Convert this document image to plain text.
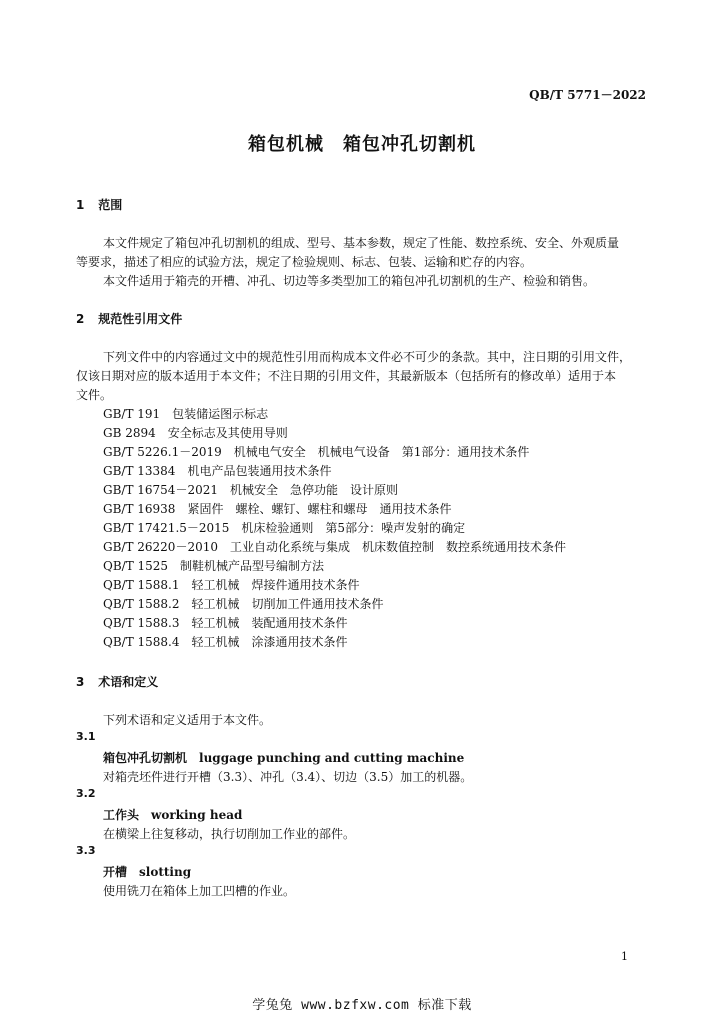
QB/T 5771－2022
箱包机械　箱包冲孔切割机
1 范围
本文件规定了箱包冲孔切割机的组成、型号、基本参数，规定了性能、数控系统、安全、外观质量
等要求，描述了相应的试验方法，规定了检验规则、标志、包装、运输和贮存的内容。
本文件适用于箱壳的开槽、冲孔、切边等多类型加工的箱包冲孔切割机的生产、检验和销售。
2 规范性引用文件
下列文件中的内容通过文中的规范性引用而构成本文件必不可少的条款。其中，注日期的引用文件，
仅该日期对应的版本适用于本文件；不注日期的引用文件，其最新版本（包括所有的修改单）适用于本
文件。
GB/T 191　包装储运图示标志
GB 2894　安全标志及其使用导则
GB/T 5226.1－2019　机械电气安全　机械电气设备　第1部分：通用技术条件
GB/T 13384　机电产品包装通用技术条件
GB/T 16754－2021　机械安全　急停功能　设计原则
GB/T 16938　紧固件　螺栓、螺钉、螺柱和螺母　通用技术条件
GB/T 17421.5－2015　机床检验通则　第5部分：噪声发射的确定
GB/T 26220－2010　工业自动化系统与集成　机床数值控制　数控系统通用技术条件
QB/T 1525　制鞋机械产品型号编制方法
QB/T 1588.1　轻工机械　焊接件通用技术条件
QB/T 1588.2　轻工机械　切削加工件通用技术条件
QB/T 1588.3　轻工机械　装配通用技术条件
QB/T 1588.4　轻工机械　涂漆通用技术条件
3 术语和定义
下列术语和定义适用于本文件。
3.1
箱包冲孔切割机 luggage punching and cutting machine
对箱壳坯件进行开槽（3.3）、冲孔（3.4）、切边（3.5）加工的机器。
3.2
工作头 working head
在横梁上往复移动，执行切削加工作业的部件。
3.3
开槽 slotting
使用铣刀在箱体上加工凹槽的作业。
1
学兔兔 www.bzfxw.com 标准下载
